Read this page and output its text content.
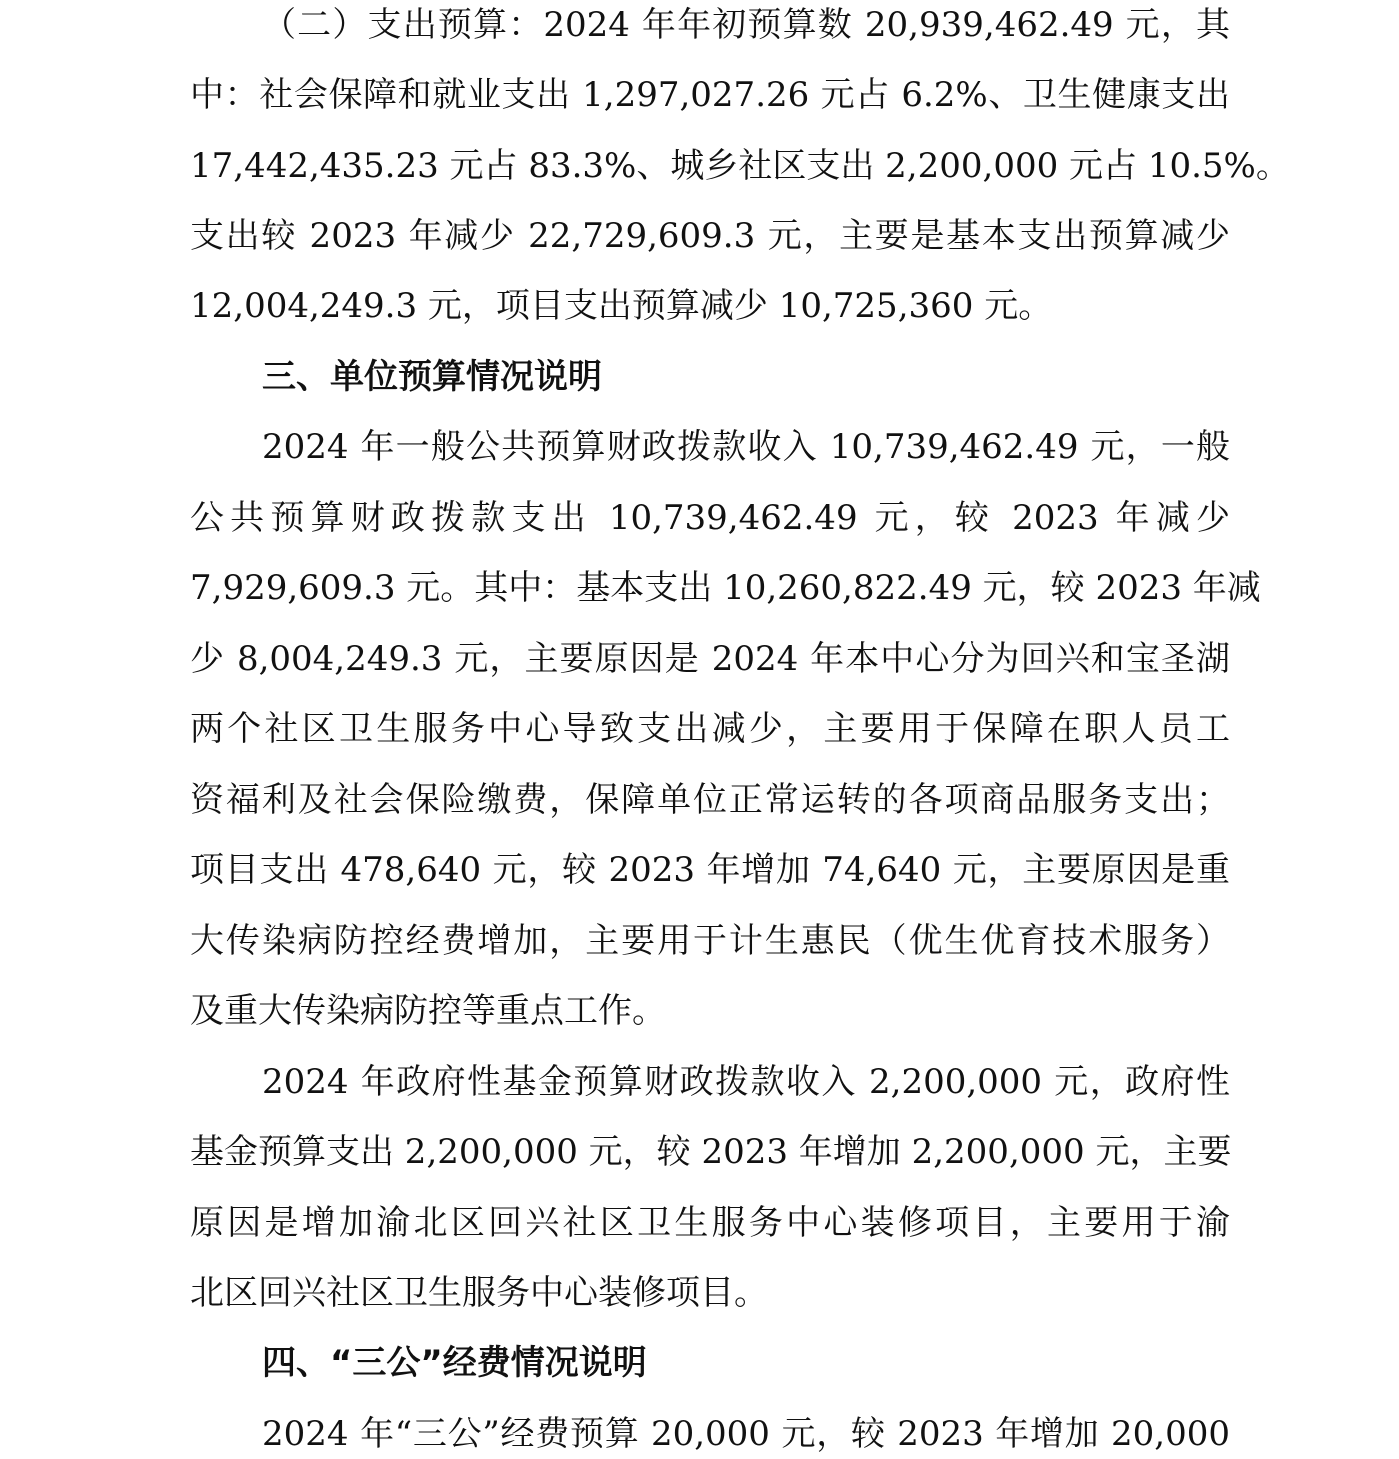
（二）支出预算：2024 年年初预算数 20,939,462.49 元，其
中：社会保障和就业支出 1,297,027.26 元占 6.2%、卫生健康支出
17,442,435.23 元占 83.3%、城乡社区支出 2,200,000 元占 10.5%。
支出较 2023 年减少 22,729,609.3 元，主要是基本支出预算减少
12,004,249.3 元，项目支出预算减少 10,725,360 元。
三、单位预算情况说明
2024 年一般公共预算财政拨款收入 10,739,462.49 元，一般
公共预算财政拨款支出 10,739,462.49 元，较 2023 年减少
7,929,609.3 元。其中：基本支出 10,260,822.49 元，较 2023 年减
少 8,004,249.3 元，主要原因是 2024 年本中心分为回兴和宝圣湖
两个社区卫生服务中心导致支出减少，主要用于保障在职人员工
资福利及社会保险缴费，保障单位正常运转的各项商品服务支出；
项目支出 478,640 元，较 2023 年增加 74,640 元，主要原因是重
大传染病防控经费增加，主要用于计生惠民（优生优育技术服务）
及重大传染病防控等重点工作。
2024 年政府性基金预算财政拨款收入 2,200,000 元，政府性
基金预算支出 2,200,000 元，较 2023 年增加 2,200,000 元，主要
原因是增加渝北区回兴社区卫生服务中心装修项目，主要用于渝
北区回兴社区卫生服务中心装修项目。
四、“三公”经费情况说明
2024 年“三公”经费预算 20,000 元，较 2023 年增加 20,000
